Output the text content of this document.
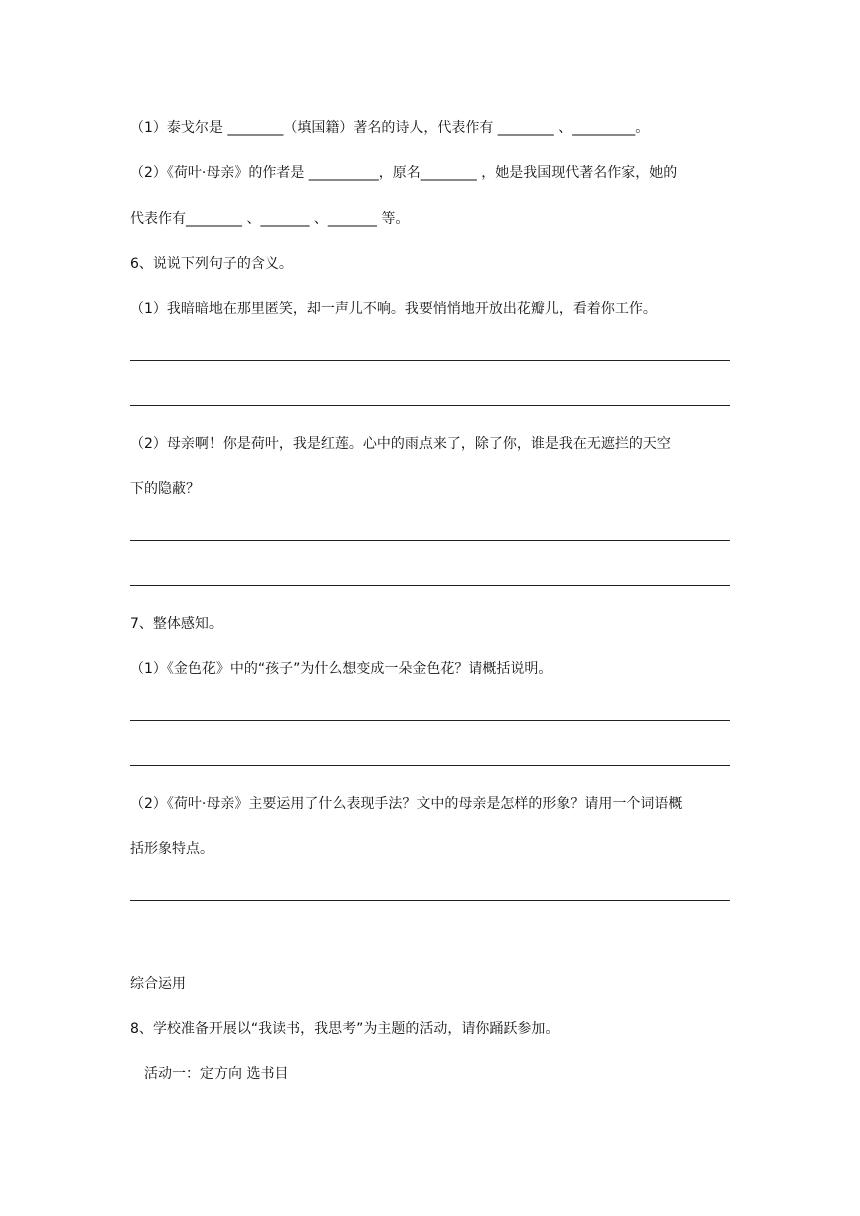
（1）泰戈尔是 ________（填国籍）著名的诗人，代表作有 ________ 、_________。
（2）《荷叶·母亲》的作者是 __________，原名________ ，她是我国现代著名作家，她的
代表作有________ 、_______ 、_______ 等。
6、说说下列句子的含义。
（1）我暗暗地在那里匿笑，却一声儿不响。我要悄悄地开放出花瓣儿，看着你工作。
（2）母亲啊！你是荷叶，我是红莲。心中的雨点来了，除了你，谁是我在无遮拦的天空
下的隐蔽？
7、整体感知。
（1）《金色花》中的“孩子”为什么想变成一朵金色花？请概括说明。
（2）《荷叶·母亲》主要运用了什么表现手法？文中的母亲是怎样的形象？请用一个词语概
括形象特点。
综合运用
8、学校准备开展以“我读书，我思考”为主题的活动，请你踊跃参加。
活动一：定方向 选书目
